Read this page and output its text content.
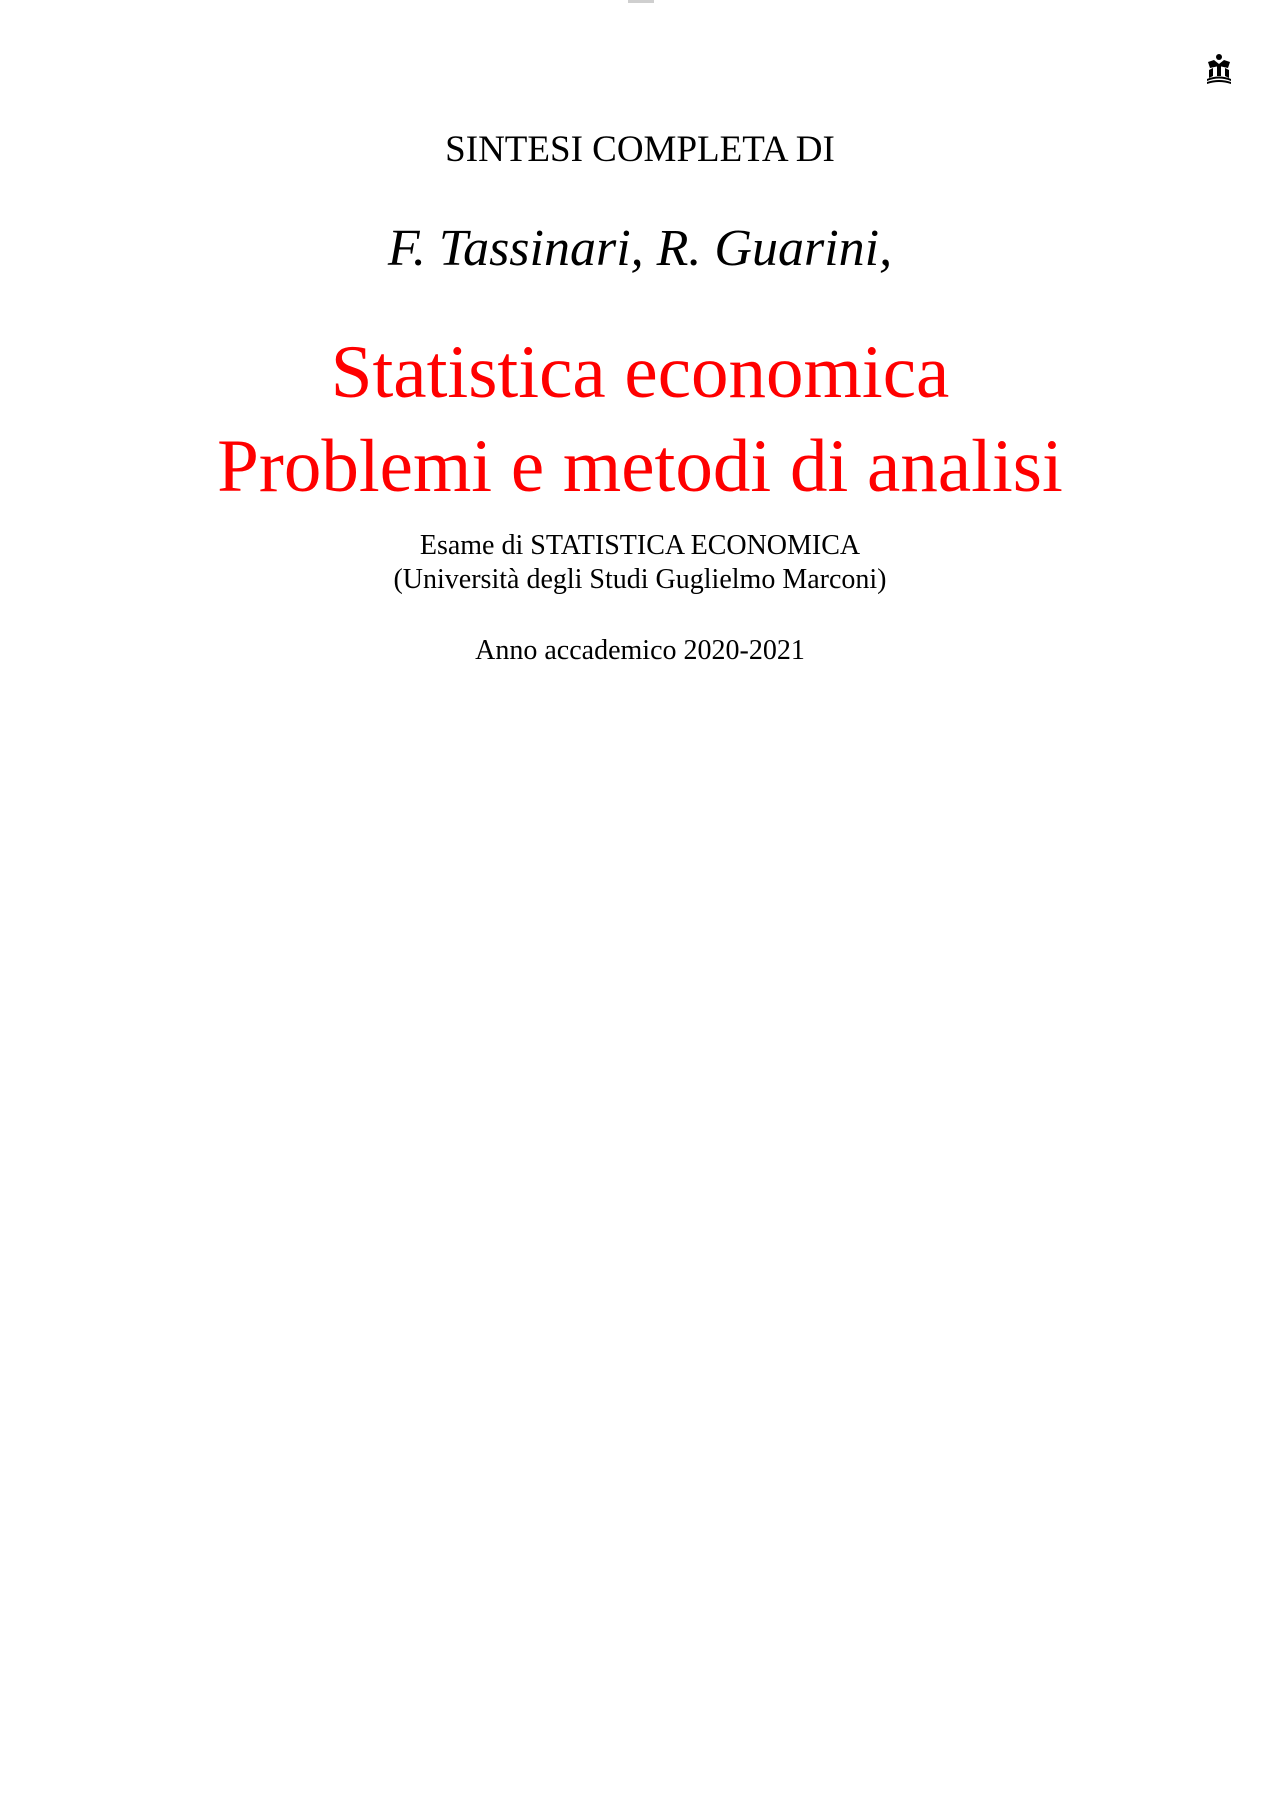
SINTESI COMPLETA DI
F. Tassinari, R. Guarini,
Statistica economica
Problemi e metodi di analisi
Esame di STATISTICA ECONOMICA
(Università degli Studi Guglielmo Marconi)
Anno accademico 2020-2021
